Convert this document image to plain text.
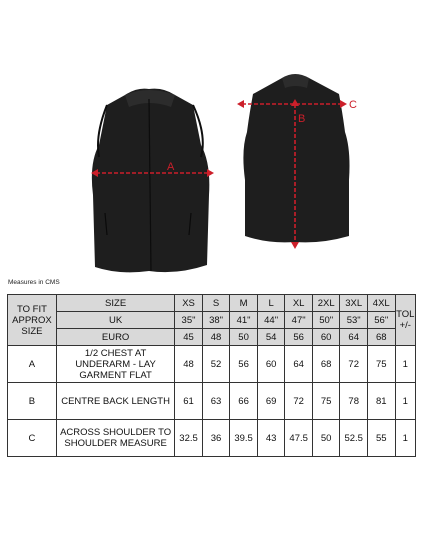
A
C
B
Measures in CMS
TO FIT
APPROX
SIZE	SIZE	XS	S	M	L	XL	2XL	3XL	4XL	TOL
+/-
	UK	35"	38"	41"	44"	47"	50"	53"	56"	
	EURO	45	48	50	54	56	60	64	68	
A	1/2 CHEST AT
UNDERARM - LAY
GARMENT FLAT	48	52	56	60	64	68	72	75	1
B	CENTRE BACK LENGTH	61	63	66	69	72	75	78	81	1
C	ACROSS SHOULDER TO
SHOULDER MEASURE	32.5	36	39.5	43	47.5	50	52.5	55	1
